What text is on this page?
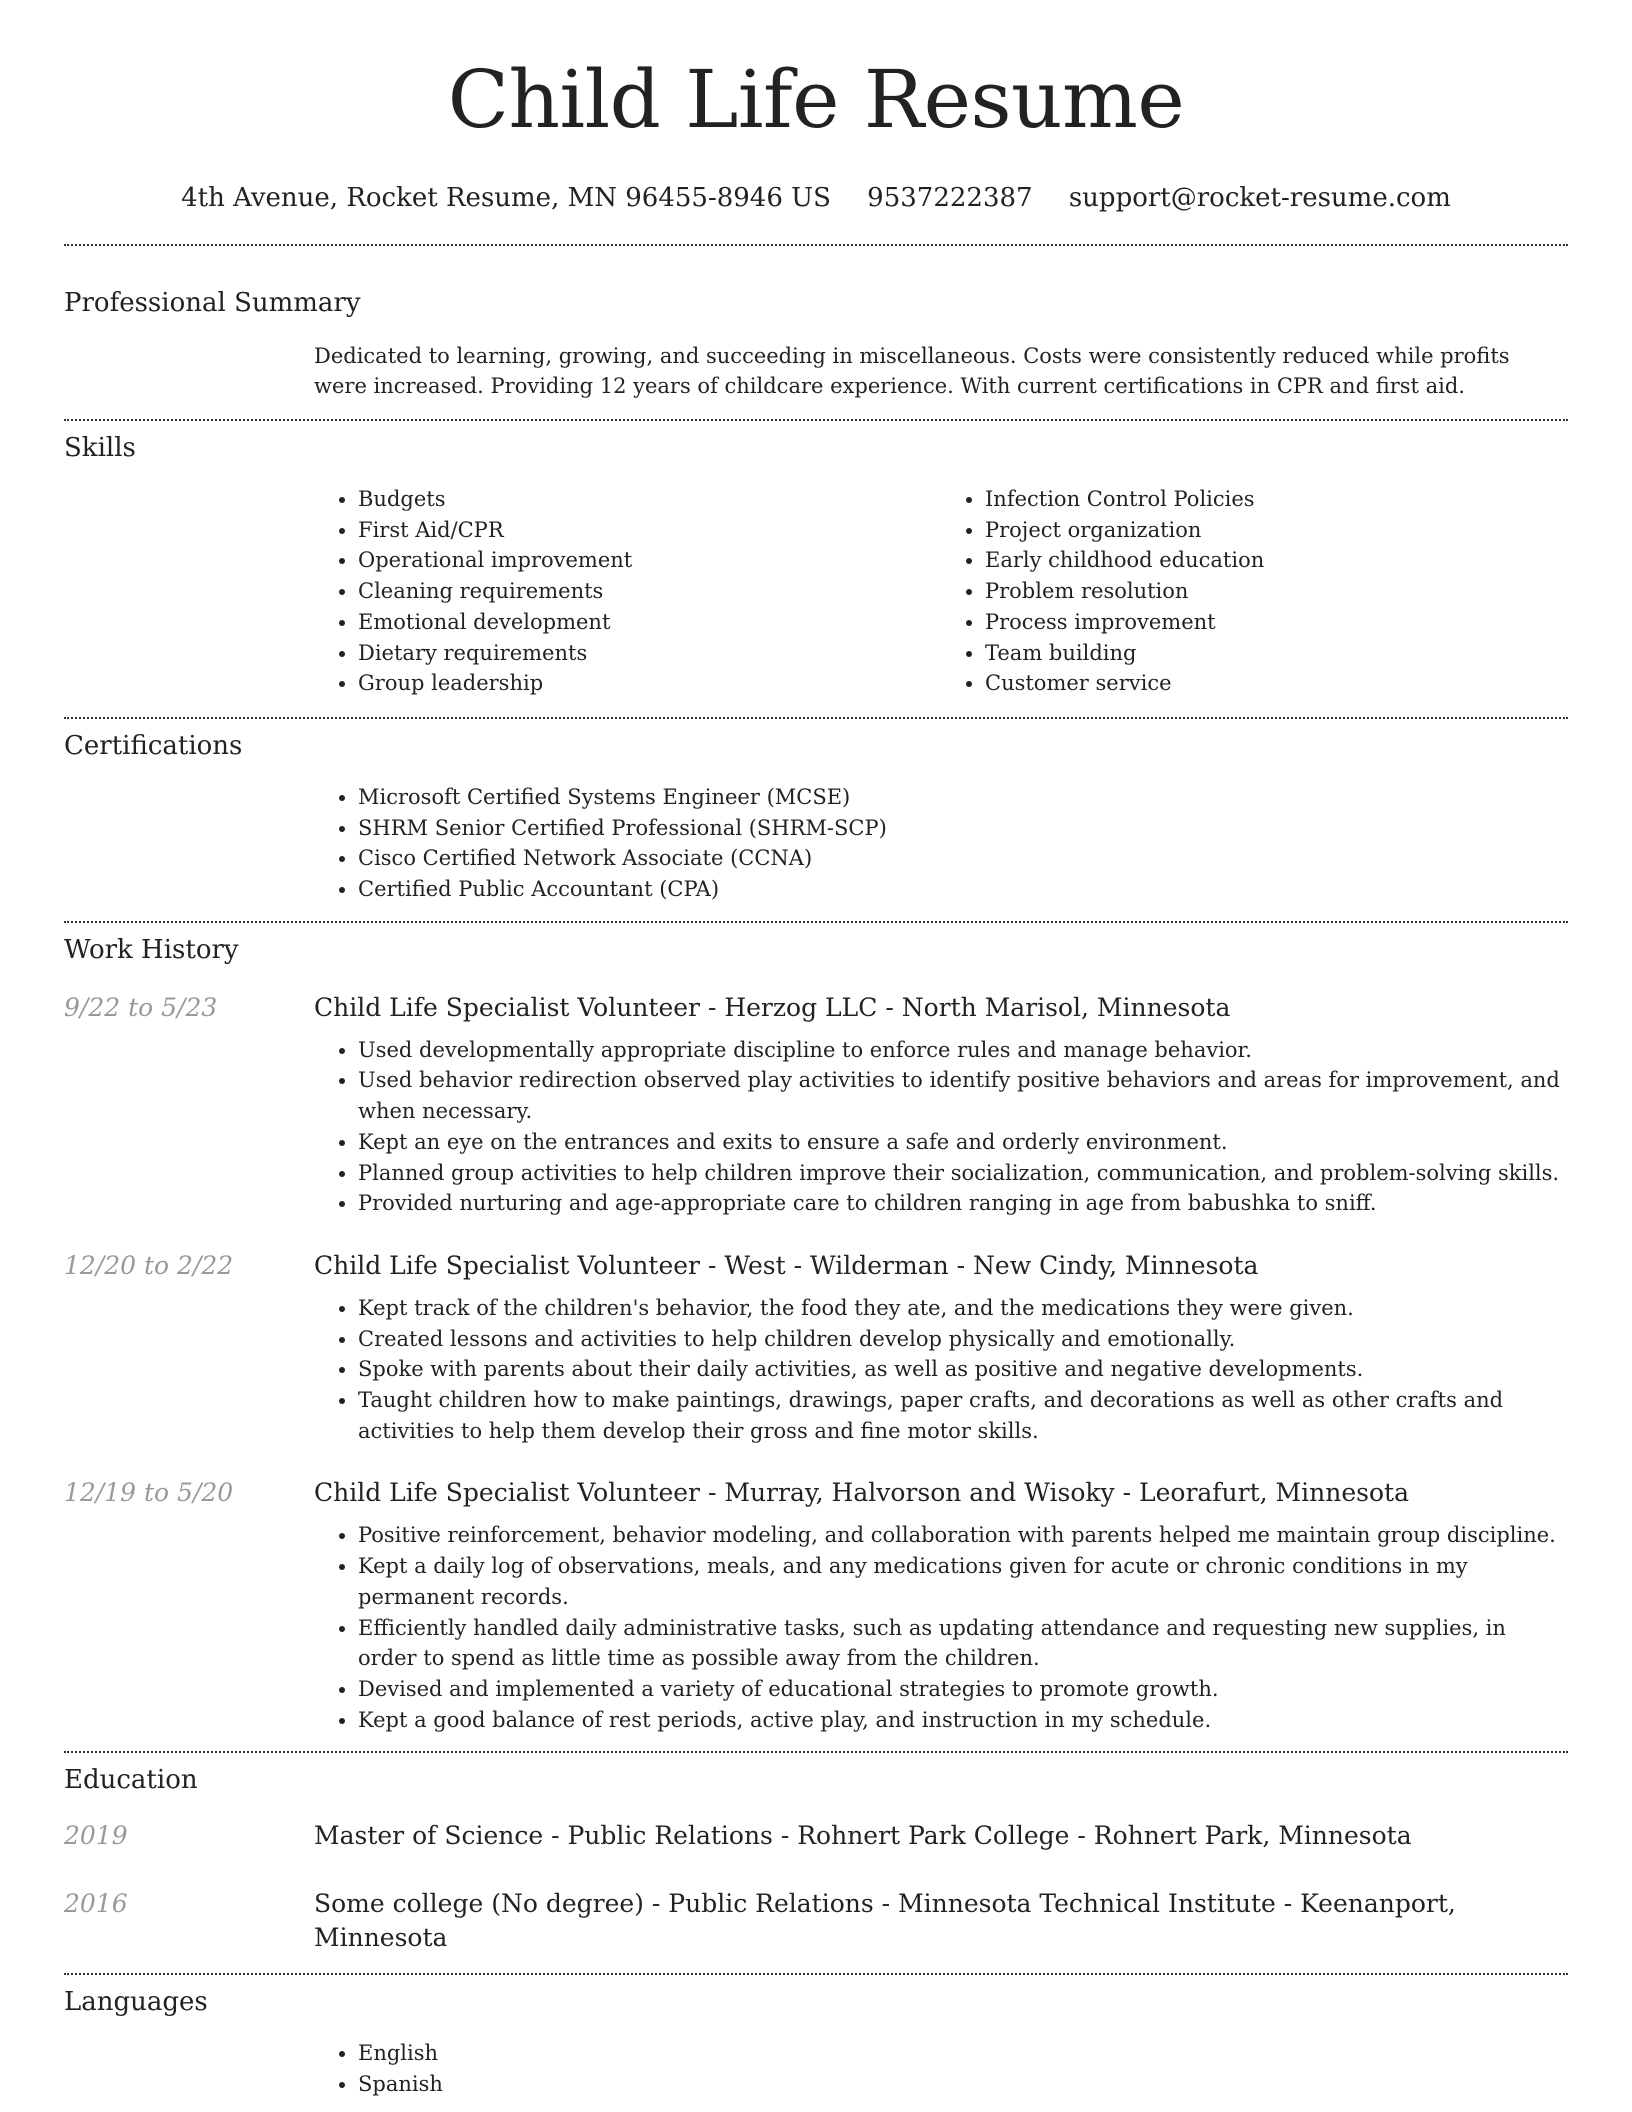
Child Life Resume
4th Avenue, Rocket Resume, MN 96455-8946 US 9537222387 support@rocket-resume.com
Professional Summary
Dedicated to learning, growing, and succeeding in miscellaneous. Costs were consistently reduced while profits were increased. Providing 12 years of childcare experience. With current certifications in CPR and first aid.
Skills
• Budgets
• First Aid/CPR
• Operational improvement
• Cleaning requirements
• Emotional development
• Dietary requirements
• Group leadership
• Infection Control Policies
• Project organization
• Early childhood education
• Problem resolution
• Process improvement
• Team building
• Customer service
Certifications
• Microsoft Certified Systems Engineer (MCSE)
• SHRM Senior Certified Professional (SHRM-SCP)
• Cisco Certified Network Associate (CCNA)
• Certified Public Accountant (CPA)
Work History
9/22 to 5/23	Child Life Specialist Volunteer - Herzog LLC - North Marisol, Minnesota
• Used developmentally appropriate discipline to enforce rules and manage behavior.
• Used behavior redirection observed play activities to identify positive behaviors and areas for improvement, and when necessary.
• Kept an eye on the entrances and exits to ensure a safe and orderly environment.
• Planned group activities to help children improve their socialization, communication, and problem-solving skills.
• Provided nurturing and age-appropriate care to children ranging in age from babushka to sniff.
12/20 to 2/22	Child Life Specialist Volunteer - West - Wilderman - New Cindy, Minnesota
• Kept track of the children's behavior, the food they ate, and the medications they were given.
• Created lessons and activities to help children develop physically and emotionally.
• Spoke with parents about their daily activities, as well as positive and negative developments.
• Taught children how to make paintings, drawings, paper crafts, and decorations as well as other crafts and activities to help them develop their gross and fine motor skills.
12/19 to 5/20	Child Life Specialist Volunteer - Murray, Halvorson and Wisoky - Leorafurt, Minnesota
• Positive reinforcement, behavior modeling, and collaboration with parents helped me maintain group discipline.
• Kept a daily log of observations, meals, and any medications given for acute or chronic conditions in my permanent records.
• Efficiently handled daily administrative tasks, such as updating attendance and requesting new supplies, in order to spend as little time as possible away from the children.
• Devised and implemented a variety of educational strategies to promote growth.
• Kept a good balance of rest periods, active play, and instruction in my schedule.
Education
2019	Master of Science - Public Relations - Rohnert Park College - Rohnert Park, Minnesota
2016	Some college (No degree) - Public Relations - Minnesota Technical Institute - Keenanport, Minnesota
Languages
• English
• Spanish
